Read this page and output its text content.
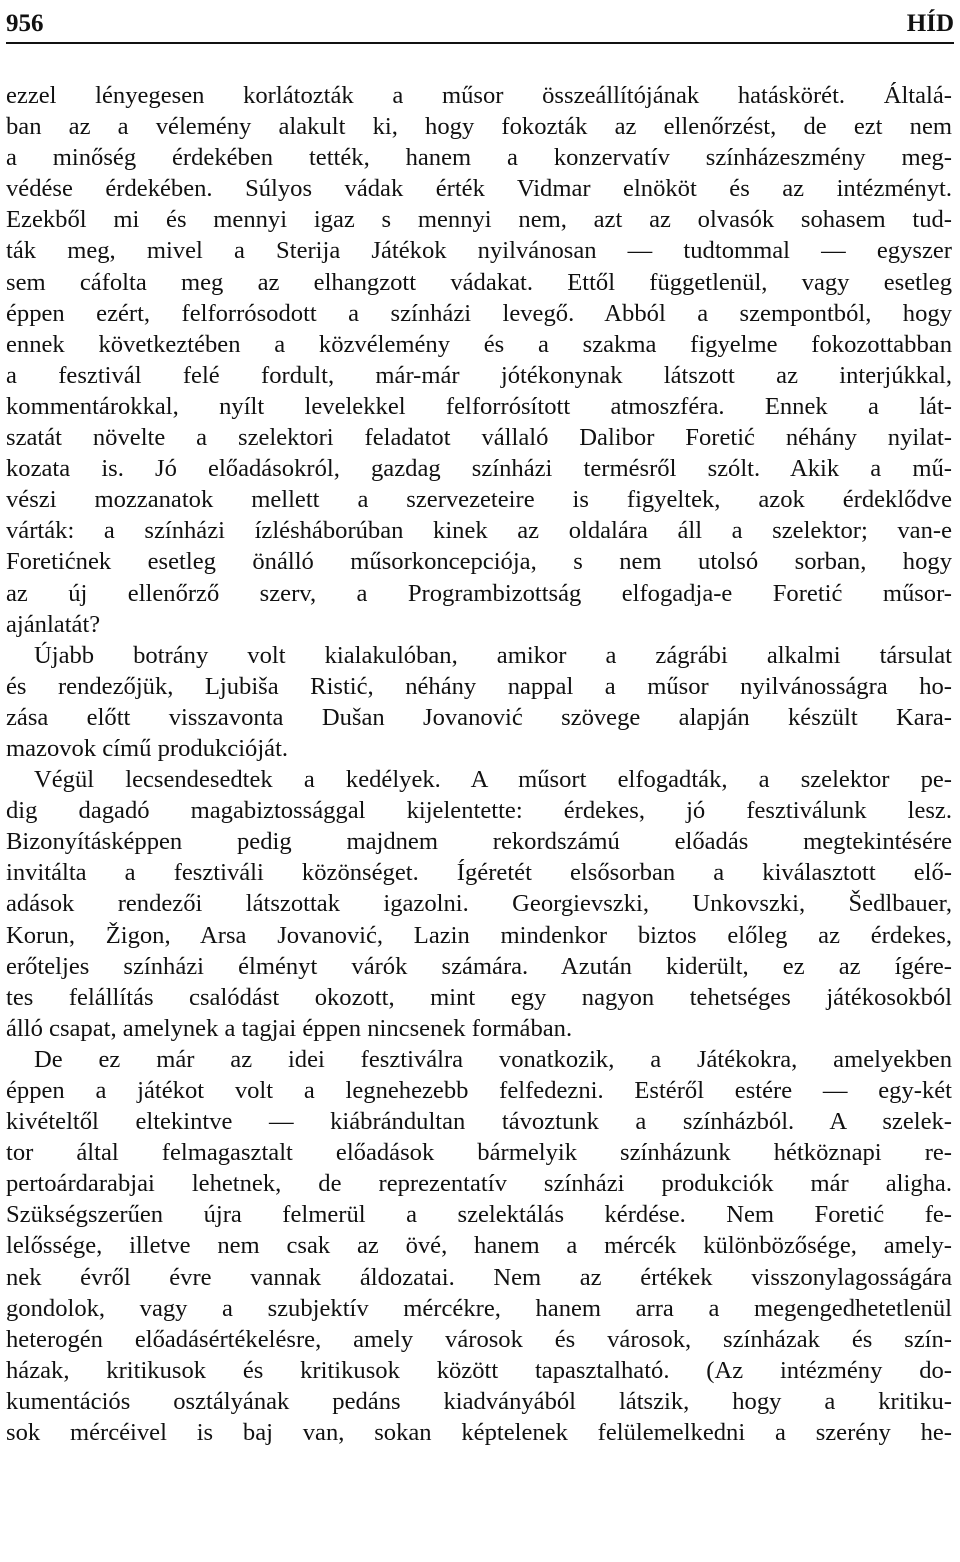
956	HÍD
ezzel lényegesen korlátozták a műsor összeállítójának hatáskörét. Általá-
ban az a vélemény alakult ki, hogy fokozták az ellenőrzést, de ezt nem
a minőség érdekében tették, hanem a konzervatív színházeszmény meg-
védése érdekében. Súlyos vádak érték Vidmar elnököt és az intézményt.
Ezekből mi és mennyi igaz s mennyi nem, azt az olvasók sohasem tud-
ták meg, mivel a Sterija Játékok nyilvánosan — tudtommal — egyszer
sem cáfolta meg az elhangzott vádakat. Ettől függetlenül, vagy esetleg
éppen ezért, felforrósodott a színházi levegő. Abból a szempontból, hogy
ennek következtében a közvélemény és a szakma figyelme fokozottabban
a fesztivál felé fordult, már-már jótékonynak látszott az interjúkkal,
kommentárokkal, nyílt levelekkel felforrósított atmoszféra. Ennek a lát-
szatát növelte a szelektori feladatot vállaló Dalibor Foretić néhány nyilat-
kozata is. Jó előadásokról, gazdag színházi termésről szólt. Akik a mű-
vészi mozzanatok mellett a szervezeteire is figyeltek, azok érdeklődve
várták: a színházi ízlésháborúban kinek az oldalára áll a szelektor; van-e
Foretićnek esetleg önálló műsorkoncepciója, s nem utolsó sorban, hogy
az új ellenőrző szerv, a Programbizottság elfogadja-e Foretić műsor-
ajánlatát?
Újabb botrány volt kialakulóban, amikor a zágrábi alkalmi társulat
és rendezőjük, Ljubiša Ristić, néhány nappal a műsor nyilvánosságra ho-
zása előtt visszavonta Dušan Jovanović szövege alapján készült Kara-
mazovok című produkcióját.
Végül lecsendesedtek a kedélyek. A műsort elfogadták, a szelektor pe-
dig dagadó magabiztossággal kijelentette: érdekes, jó fesztiválunk lesz.
Bizonyításképpen pedig majdnem rekordszámú előadás megtekintésére
invitálta a fesztiváli közönséget. Ígéretét elsősorban a kiválasztott elő-
adások rendezői látszottak igazolni. Georgievszki, Unkovszki, Šedlbauer,
Korun, Žigon, Arsa Jovanović, Lazin mindenkor biztos előleg az érdekes,
erőteljes színházi élményt várók számára. Azután kiderült, ez az ígére-
tes felállítás csalódást okozott, mint egy nagyon tehetséges játékosokból
álló csapat, amelynek a tagjai éppen nincsenek formában.
De ez már az idei fesztiválra vonatkozik, a Játékokra, amelyekben
éppen a játékot volt a legnehezebb felfedezni. Estéről estére — egy-két
kivételtől eltekintve — kiábrándultan távoztunk a színházból. A szelek-
tor által felmagasztalt előadások bármelyik színházunk hétköznapi re-
pertoárdarabjai lehetnek, de reprezentatív színházi produkciók már aligha.
Szükségszerűen újra felmerül a szelektálás kérdése. Nem Foretić fe-
lelőssége, illetve nem csak az övé, hanem a mércék különbözősége, amely-
nek évről évre vannak áldozatai. Nem az értékek visszonylagosságára
gondolok, vagy a szubjektív mércékre, hanem arra a megengedhetetlenül
heterogén előadásértékelésre, amely városok és városok, színházak és szín-
házak, kritikusok és kritikusok között tapasztalható. (Az intézmény do-
kumentációs osztályának pedáns kiadványából látszik, hogy a kritiku-
sok mércéivel is baj van, sokan képtelenek felülemelkedni a szerény he-
